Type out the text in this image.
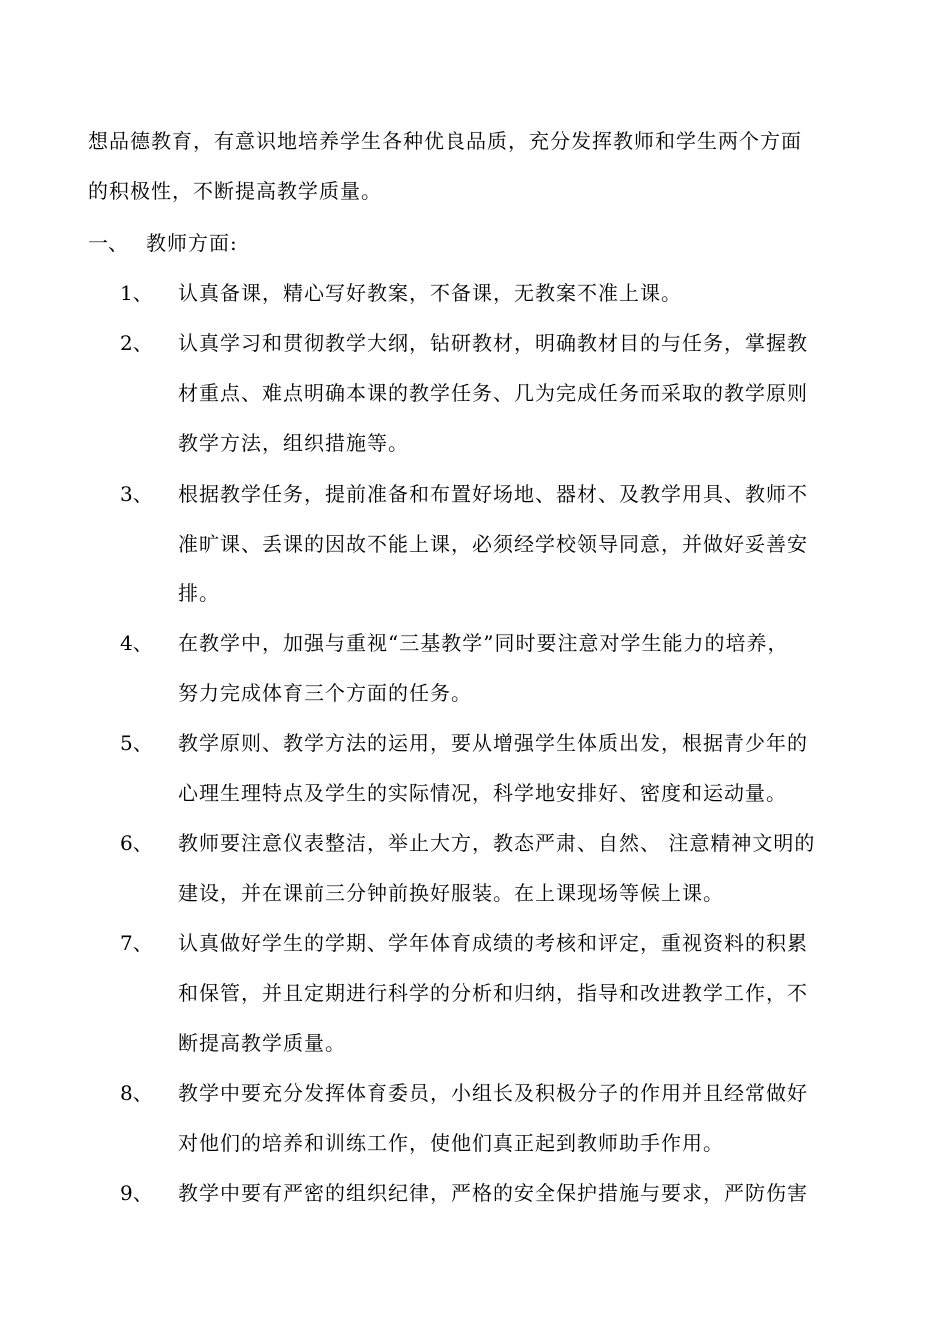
想品德教育，有意识地培养学生各种优良品质，充分发挥教师和学生两个方面
的积极性，不断提高教学质量。
一、 教师方面:
1、 认真备课，精心写好教案，不备课，无教案不准上课。
2、 认真学习和贯彻教学大纲，钻研教材，明确教材目的与任务，掌握教
材重点、难点明确本课的教学任务、几为完成任务而采取的教学原则
教学方法，组织措施等。
3、 根据教学任务，提前准备和布置好场地、器材、及教学用具、教师不
准旷课、丢课的因故不能上课，必须经学校领导同意，并做好妥善安
排。
4、 在教学中，加强与重视“三基教学”同时要注意对学生能力的培养，
努力完成体育三个方面的任务。
5、 教学原则、教学方法的运用，要从增强学生体质出发，根据青少年的
心理生理特点及学生的实际情况，科学地安排好、密度和运动量。
6、 教师要注意仪表整洁，举止大方，教态严肃、自然、 注意精神文明的
建设，并在课前三分钟前换好服装。在上课现场等候上课。
7、 认真做好学生的学期、学年体育成绩的考核和评定，重视资料的积累
和保管，并且定期进行科学的分析和归纳，指导和改进教学工作，不
断提高教学质量。
8、 教学中要充分发挥体育委员，小组长及积极分子的作用并且经常做好
对他们的培养和训练工作，使他们真正起到教师助手作用。
9、 教学中要有严密的组织纪律，严格的安全保护措施与要求，严防伤害
